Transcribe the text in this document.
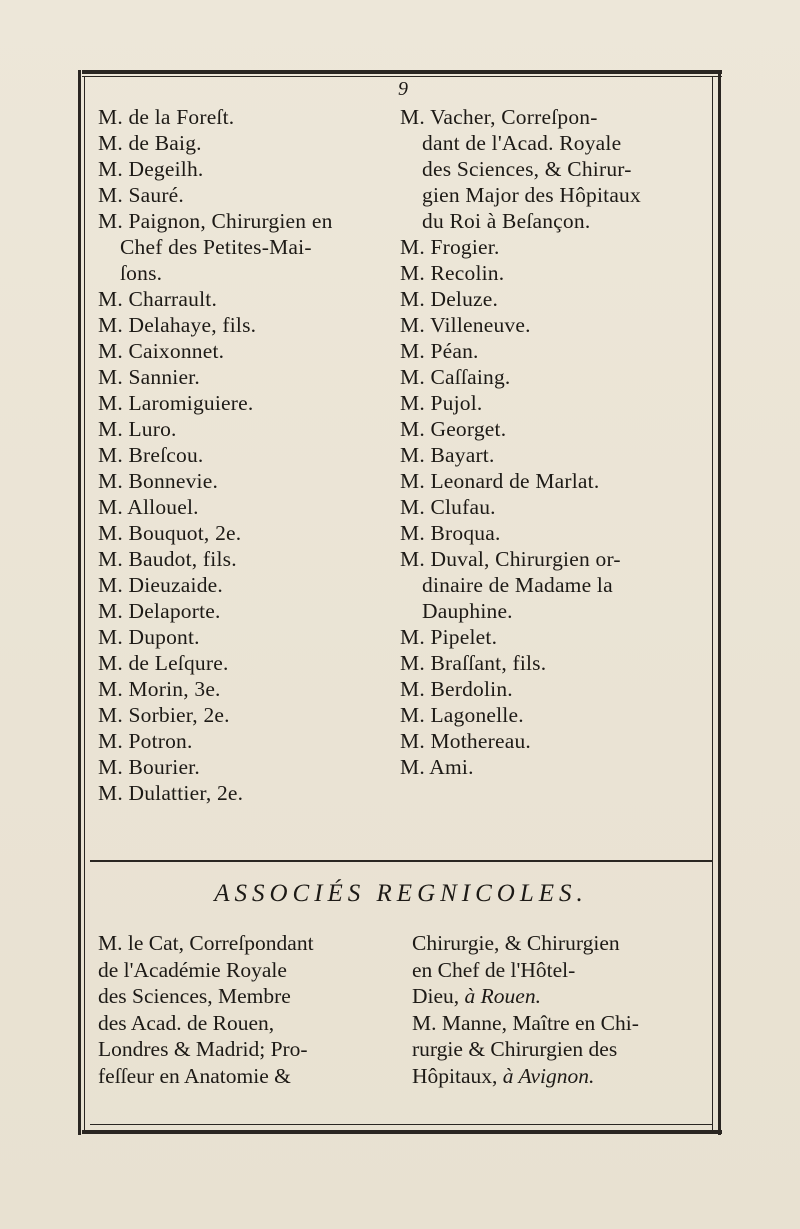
9
M. de la Foreſt.
M. de Baig.
M. Degeilh.
M. Sauré.
M. Paignon, Chirurgien en
Chef des Petites-Mai-
ſons.
M. Charrault.
M. Delahaye, fils.
M. Caixonnet.
M. Sannier.
M. Laromiguiere.
M. Luro.
M. Breſcou.
M. Bonnevie.
M. Allouel.
M. Bouquot, 2e.
M. Baudot, fils.
M. Dieuzaide.
M. Delaporte.
M. Dupont.
M. de Leſqure.
M. Morin, 3e.
M. Sorbier, 2e.
M. Potron.
M. Bourier.
M. Dulattier, 2e.
M. Vacher, Correſpon-
dant de l'Acad. Royale
des Sciences, & Chirur-
gien Major des Hôpitaux
du Roi à Beſançon.
M. Frogier.
M. Recolin.
M. Deluze.
M. Villeneuve.
M. Péan.
M. Caſſaing.
M. Pujol.
M. Georget.
M. Bayart.
M. Leonard de Marlat.
M. Clufau.
M. Broqua.
M. Duval, Chirurgien or-
dinaire de Madame la
Dauphine.
M. Pipelet.
M. Braſſant, fils.
M. Berdolin.
M. Lagonelle.
M. Mothereau.
M. Ami.
ASSOCIÉS REGNICOLES.
M. le Cat, Correſpondant
de l'Académie Royale
des Sciences, Membre
des Acad. de Rouen,
Londres & Madrid; Pro-
feſſeur en Anatomie &
Chirurgie, & Chirurgien
en Chef de l'Hôtel-
Dieu, à Rouen.
M. Manne, Maître en Chi-
rurgie & Chirurgien des
Hôpitaux, à Avignon.
